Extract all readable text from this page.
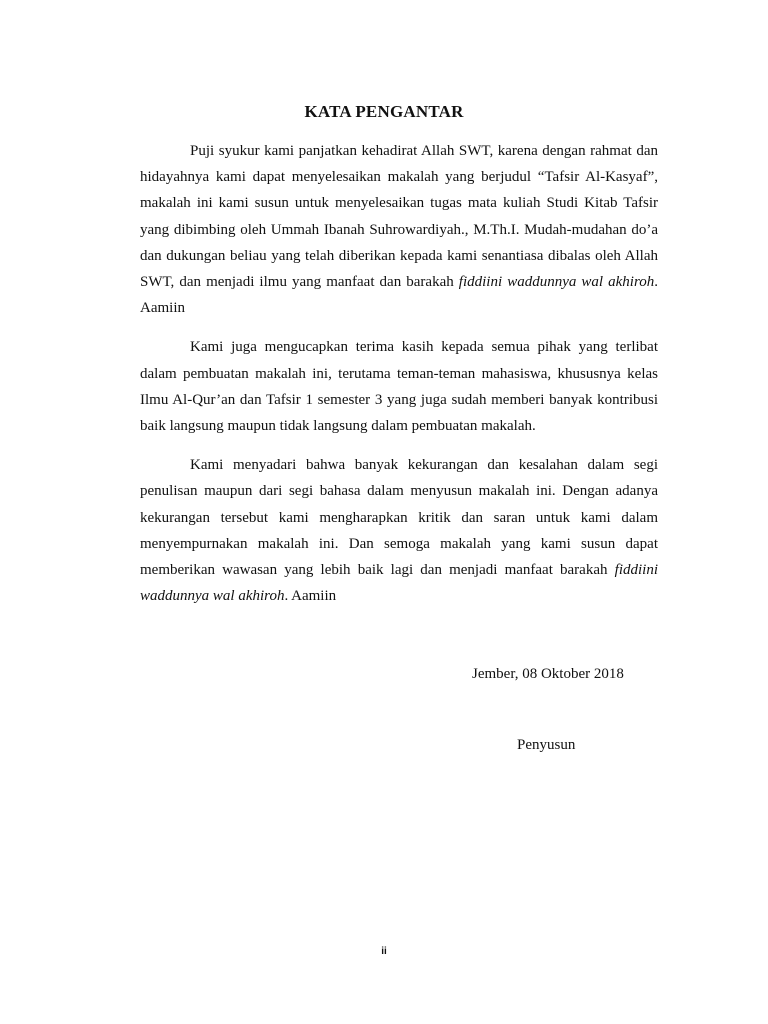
KATA PENGANTAR

Puji syukur kami panjatkan kehadirat Allah SWT, karena dengan rahmat dan hidayahnya kami dapat menyelesaikan makalah yang berjudul “Tafsir Al-Kasyaf”, makalah ini kami susun untuk menyelesaikan tugas mata kuliah Studi Kitab Tafsir yang dibimbing oleh Ummah Ibanah Suhrowardiyah., M.Th.I. Mudah-mudahan do’a dan dukungan beliau yang telah diberikan kepada kami senantiasa dibalas oleh Allah SWT, dan menjadi ilmu yang manfaat dan barakah fiddiini waddunnya wal akhiroh. Aamiin

Kami juga mengucapkan terima kasih kepada semua pihak yang terlibat dalam pembuatan makalah ini, terutama teman-teman mahasiswa, khususnya kelas Ilmu Al-Qur’an dan Tafsir 1 semester 3 yang juga sudah memberi banyak kontribusi baik langsung maupun tidak langsung dalam pembuatan makalah.

Kami menyadari bahwa banyak kekurangan dan kesalahan dalam segi penulisan maupun dari segi bahasa dalam menyusun makalah ini. Dengan adanya kekurangan tersebut kami mengharapkan kritik dan saran untuk kami dalam menyempurnakan makalah ini. Dan semoga makalah yang kami susun dapat memberikan wawasan yang lebih baik lagi dan menjadi manfaat barakah fiddiini waddunnya wal akhiroh. Aamiin

Jember, 08 Oktober 2018
Penyusun
ii
